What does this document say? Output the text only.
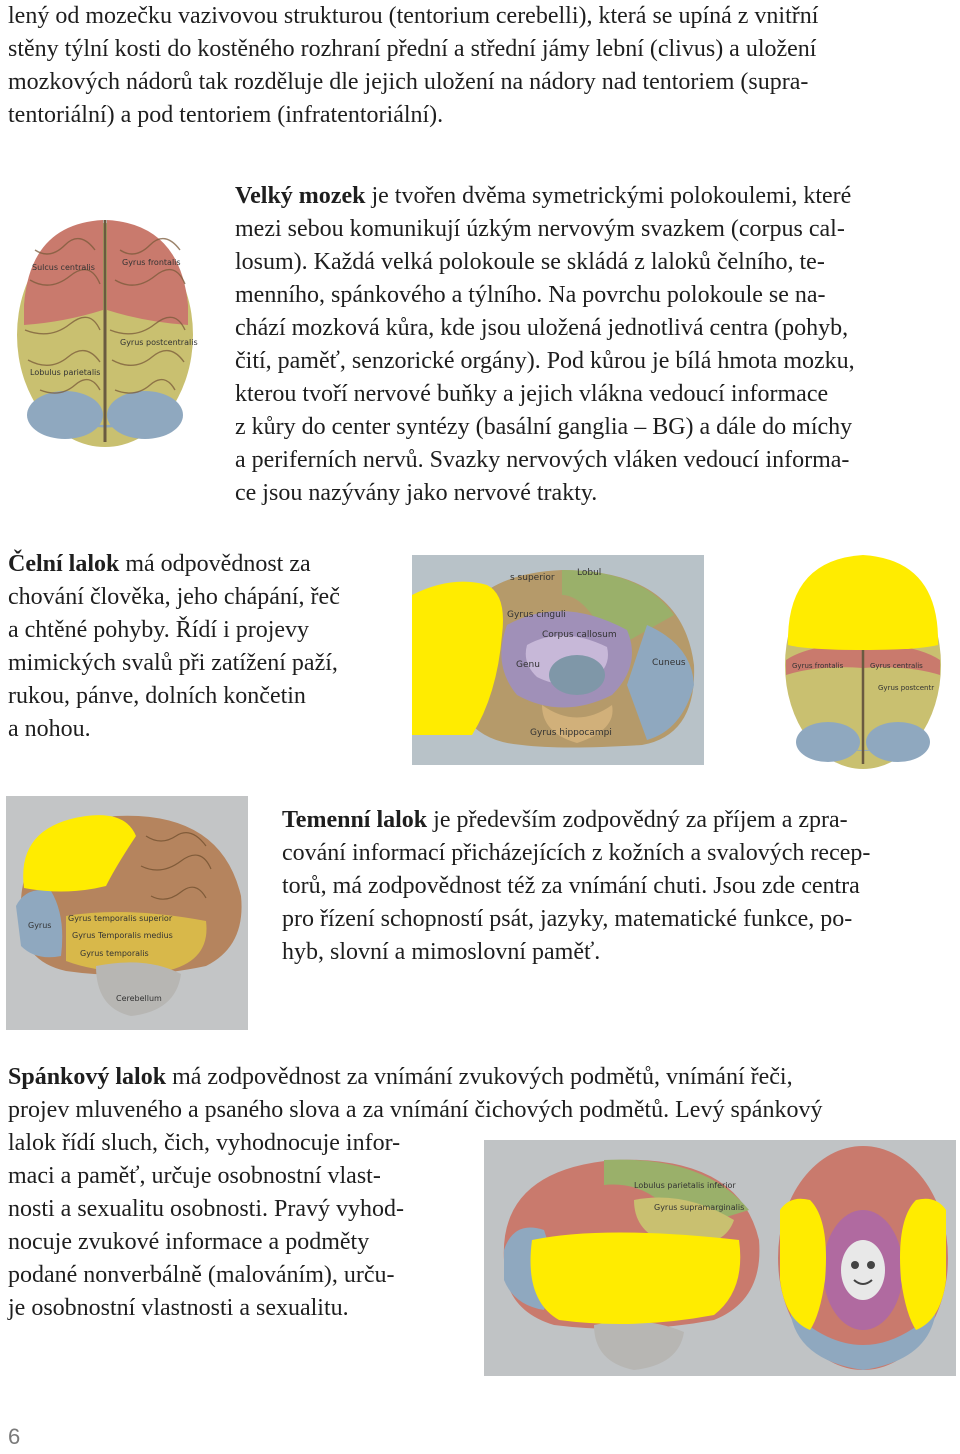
lený od mozečku vazivovou strukturou (tentorium cerebelli), která se upíná z vnitřní
stěny týlní kosti do kostěného rozhraní přední a střední jámy lební (clivus) a uložení
mozkových nádorů tak rozděluje dle jejich uložení na nádory nad tentoriem (supra-
tentoriální) a pod tentoriem (infratentoriální).
Sulcus centralis
Gyrus frontalis
Gyrus postcentralis
Lobulus parietalis
Velký mozek je tvořen dvěma symetrickými polokoulemi, které
mezi sebou komunikují úzkým nervovým svazkem (corpus cal-
losum). Každá velká polokoule se skládá z laloků čelního, te-
menního, spánkového a týlního. Na povrchu polokoule se na-
chází mozková kůra, kde jsou uložená jednotlivá centra (pohyb,
čití, paměť, senzorické orgány). Pod kůrou je bílá hmota mozku,
kterou tvoří nervové buňky a jejich vlákna vedoucí informace
z kůry do center syntézy (basální ganglia – BG) a dále do míchy
a periferních nervů. Svazky nervových vláken vedoucí informa-
ce jsou nazývány jako nervové trakty.
Čelní lalok má odpovědnost za
chování člověka, jeho chápání, řeč
a chtěné pohyby. Řídí i projevy
mimických svalů při zatížení paží,
rukou, pánve, dolních končetin
a nohou.
s superior Lobul
Gyrus cinguli
Genu
Corpus callosum
Cuneus
Gyrus hippocampi
Gyrus frontalis	Gyrus centralis
Gyrus postcentr
Gyrus temporalis superior
Gyrus Temporalis medius
Gyrus temporalis
Cerebellum
Gyrus
Temenní lalok je především zodpovědný za příjem a zpra-
cování informací přicházejících z kožních a svalových recep-
torů, má zodpovědnost též za vnímání chuti. Jsou zde centra
pro řízení schopností psát, jazyky, matematické funkce, po-
hyb, slovní a mimoslovní paměť.
Spánkový lalok má zodpovědnost za vnímání zvukových podmětů, vnímání řeči,
projev mluveného a psaného slova a za vnímání čichových podmětů. Levý spánkový
lalok řídí sluch, čich, vyhodnocuje infor-
maci a paměť, určuje osobnostní vlast-
nosti a sexualitu osobnosti. Pravý vyhod-
nocuje zvukové informace a podměty
podané nonverbálně (malováním), urču-
je osobnostní vlastnosti a sexualitu.
Lobulus parietalis inferior
Gyrus supramarginalis
6
